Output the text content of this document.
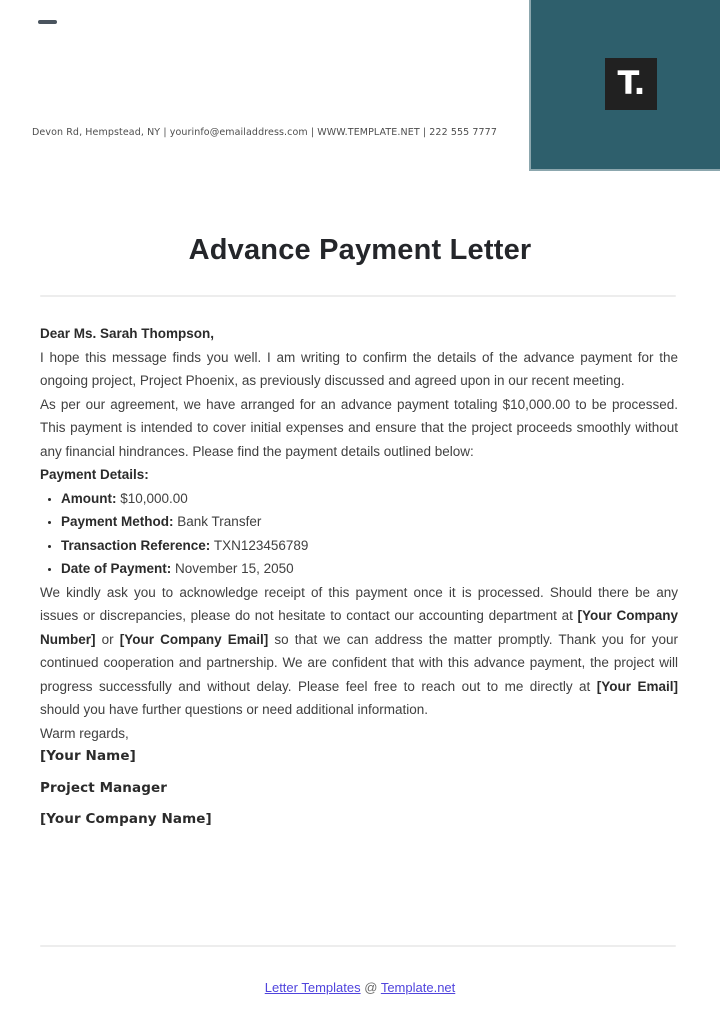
T.
Devon Rd, Hempstead, NY | yourinfo@emailaddress.com | WWW.TEMPLATE.NET | 222 555 7777
Advance Payment Letter

Dear Ms. Sarah Thompson,

I hope this message finds you well. I am writing to confirm the details of the advance payment for the ongoing project, Project Phoenix, as previously discussed and agreed upon in our recent meeting.

As per our agreement, we have arranged for an advance payment totaling $10,000.00 to be processed. This payment is intended to cover initial expenses and ensure that the project proceeds smoothly without any financial hindrances. Please find the payment details outlined below:

Payment Details:

• Amount: $10,000.00
• Payment Method: Bank Transfer
• Transaction Reference: TXN123456789
• Date of Payment: November 15, 2050

We kindly ask you to acknowledge receipt of this payment once it is processed. Should there be any issues or discrepancies, please do not hesitate to contact our accounting department at [Your Company Number] or [Your Company Email] so that we can address the matter promptly. Thank you for your continued cooperation and partnership. We are confident that with this advance payment, the project will progress successfully and without delay. Please feel free to reach out to me directly at [Your Email] should you have further questions or need additional information.

Warm regards,

[Your Name]

Project Manager

[Your Company Name]

Letter Templates @ Template.net
